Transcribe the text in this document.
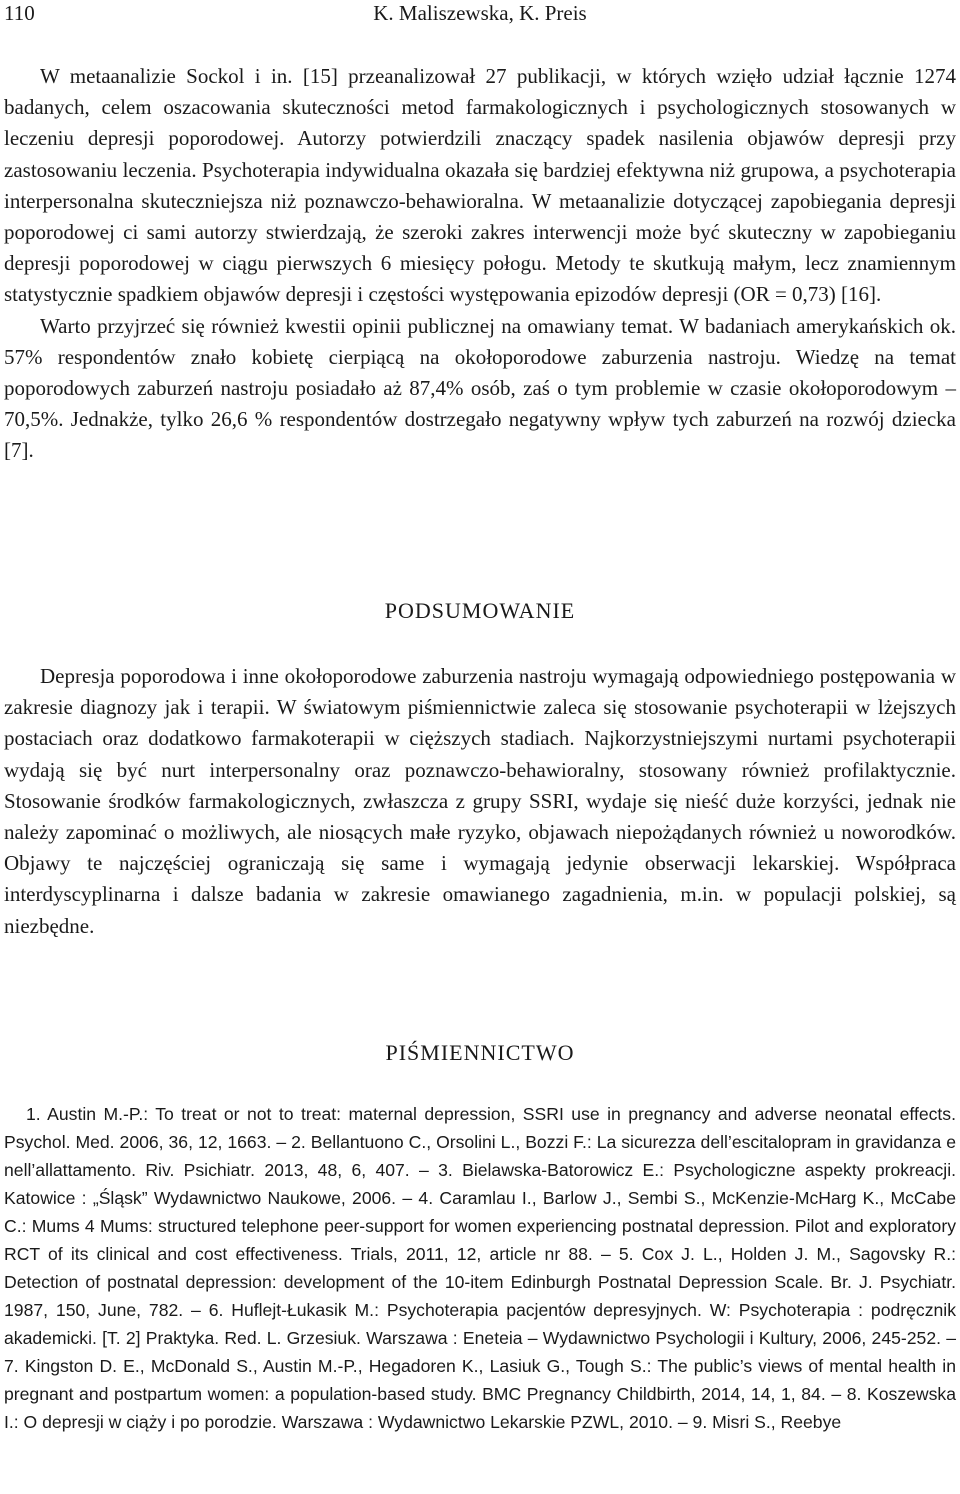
110	K. Maliszewska, K. Preis

W metaanalizie Sockol i in. [15] przeanalizował 27 publikacji, w których wzięło udział łącznie 1274 badanych, celem oszacowania skuteczności metod farmakologicznych i psychologicznych stosowanych w leczeniu depresji poporodowej. Autorzy potwierdzili znaczący spadek nasilenia objawów depresji przy zastosowaniu leczenia. Psychoterapia indywidualna okazała się bardziej efektywna niż grupowa, a psychoterapia interpersonalna skuteczniejsza niż poznawczo-behawioralna. W metaanalizie dotyczącej zapobiegania depresji poporodowej ci sami autorzy stwierdzają, że szeroki zakres interwencji może być skuteczny w zapobieganiu depresji poporodowej w ciągu pierwszych 6 miesięcy połogu. Metody te skutkują małym, lecz znamiennym statystycznie spadkiem objawów depresji i częstości występowania epizodów depresji (OR = 0,73) [16].

Warto przyjrzeć się również kwestii opinii publicznej na omawiany temat. W badaniach amerykańskich ok. 57% respondentów znało kobietę cierpiącą na okołoporodowe zaburzenia nastroju. Wiedzę na temat poporodowych zaburzeń nastroju posiadało aż 87,4% osób, zaś o tym problemie w czasie okołoporodowym – 70,5%. Jednakże, tylko 26,6 % respondentów dostrzegało negatywny wpływ tych zaburzeń na rozwój dziecka [7].

PODSUMOWANIE

Depresja poporodowa i inne okołoporodowe zaburzenia nastroju wymagają odpowiedniego postępowania w zakresie diagnozy jak i terapii. W światowym piśmiennictwie zaleca się stosowanie psychoterapii w lżejszych postaciach oraz dodatkowo farmakoterapii w cięższych stadiach. Najkorzystniejszymi nurtami psychoterapii wydają się być nurt interpersonalny oraz poznawczo-behawioralny, stosowany również profilaktycznie. Stosowanie środków farmakologicznych, zwłaszcza z grupy SSRI, wydaje się nieść duże korzyści, jednak nie należy zapominać o możliwych, ale niosących małe ryzyko, objawach niepożądanych również u noworodków. Objawy te najczęściej ograniczają się same i wymagają jedynie obserwacji lekarskiej. Współpraca interdyscyplinarna i dalsze badania w zakresie omawianego zagadnienia, m.in. w populacji polskiej, są niezbędne.

PIŚMIENNICTWO

1. Austin M.-P.: To treat or not to treat: maternal depression, SSRI use in pregnancy and adverse neonatal effects. Psychol. Med. 2006, 36, 12, 1663. – 2. Bellantuono C., Orsolini L., Bozzi F.: La sicurezza dell’escitalopram in gravidanza e nell’allattamento. Riv. Psichiatr. 2013, 48, 6, 407. – 3. Bielawska-Batorowicz E.: Psychologiczne aspekty prokreacji. Katowice : „Śląsk” Wydawnictwo Naukowe, 2006. – 4. Caramlau I., Barlow J., Sembi S., McKenzie-McHarg K., McCabe C.: Mums 4 Mums: structured telephone peer-support for women experiencing postnatal depression. Pilot and exploratory RCT of its clinical and cost effectiveness. Trials, 2011, 12, article nr 88. – 5. Cox J. L., Holden J. M., Sagovsky R.: Detection of postnatal depression: development of the 10-item Edinburgh Postnatal Depression Scale. Br. J. Psychiatr. 1987, 150, June, 782. – 6. Huflejt-Łukasik M.: Psychoterapia pacjentów depresyjnych. W: Psychoterapia : podręcznik akademicki. [T. 2] Praktyka. Red. L. Grzesiuk. Warszawa : Eneteia – Wydawnictwo Psychologii i Kultury, 2006, 245-252. – 7. Kingston D. E., McDonald S., Austin M.-P., Hegadoren K., Lasiuk G., Tough S.: The public’s views of mental health in pregnant and postpartum women: a population-based study. BMC Pregnancy Childbirth, 2014, 14, 1, 84. – 8. Koszewska I.: O depresji w ciąży i po porodzie. Warszawa : Wydawnictwo Lekarskie PZWL, 2010. – 9. Misri S., Reebye
